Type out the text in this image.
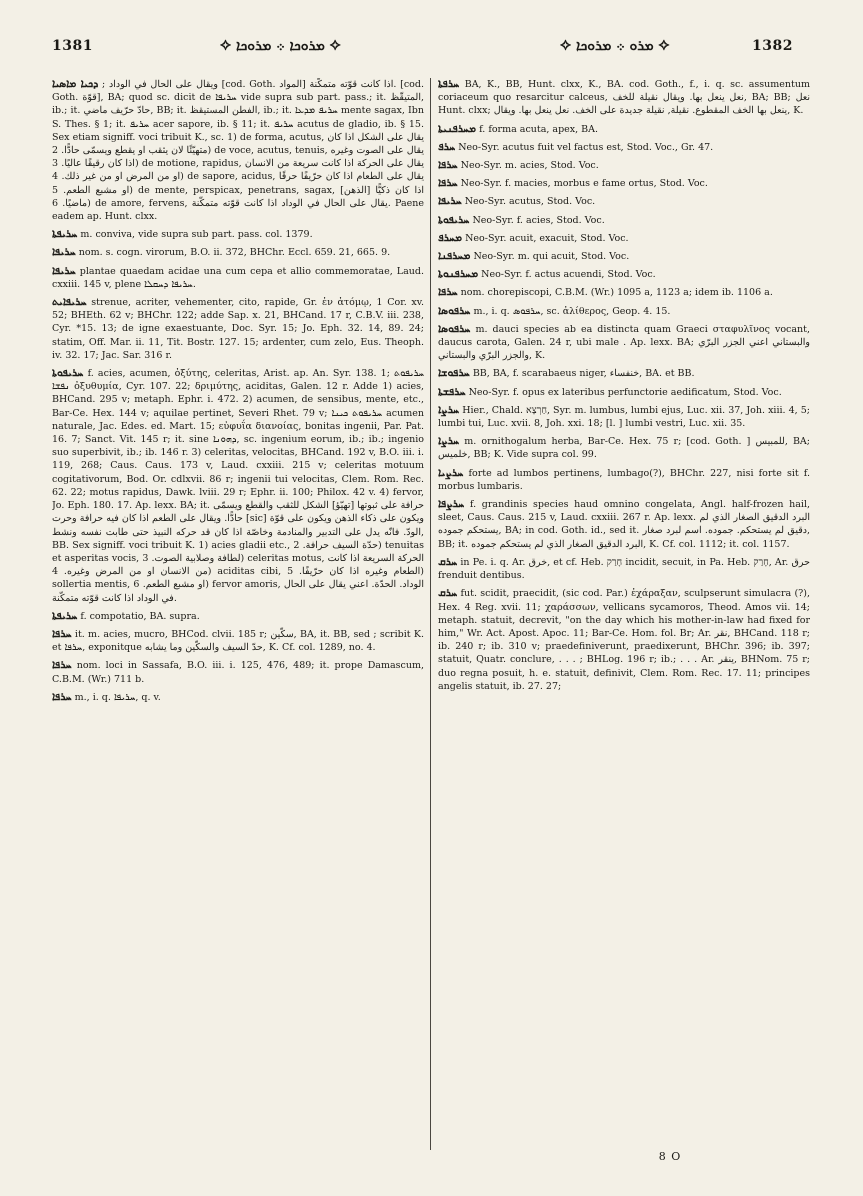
1381	✧ ܡܪܘܟܐ ܀ ܡܪܘܟܐ ✧	✧ ܡܪܘ ܀ ܡܪܘܟܐ ✧	1382

ܕܟܝܐ ܡܐܣܝܐ ; ويقال على الحال في الوداد [cod. Goth. المواد] اذا كانت قوّته متمكّنة. [cod. Goth. قوّة], BA; quod sc. dicit de ܚܪܝܦܐ vide supra sub part. pass.; it. المتيقّظ, ib.; it. حادّ حرّيف ماضي, BB; it. الفطن المستيقظ, ib.; it. ܚܪܝܦ ܡܕܥܐ mente sagax, Ibn S. Thes. § 1; it. ܚܪܝܦ acer sapore, ib. § 11; it. ܚܪܝܦ acutus de gladio, ib. § 15. Sex etiam signiff. voci tribuit K., sc. 1) de forma, acutus, يقال على الشكل اذا كان متهيّئًا لان يثقب او يقطع ويسمّى حادًّا. 2) de voce, acutus, tenuis, يقال على الصوت وغيره اذا كان رقيقًا عاليًا. 3) de motione, rapidus, يقال على الحركة اذا كانت سريعة من الانسان او من المرض او من غير ذلك. 4) de sapore, acidus, يقال على الطعام اذا كان حرّيفًا حرقًا او مشبع الطعم. 5) de mente, perspicax, penetrans, sagax, [الذهن] اذا كان ذكيًّا ماضيًا. 6) de amore, fervens, يقال على الحال في الوداد اذا كانت قوّته متمكّنة. Paene eadem ap. Hunt. clxx.

ܚܪܝܦܬܐ m. conviva, vide supra sub part. pass. col. 1379.

ܚܪܝܦܐ nom. s. cogn. virorum, B.O. ii. 372, BHChr. Eccl. 659. 21, 665. 9.

ܚܪܝܦܐ plantae quaedam acidae una cum cepa et allio commemoratae, Laud. cxxiii. 145 v, plene ܚܪܝܦܐ ܕܚܩܠܐ.

ܚܪܝܦܐܝܬ strenue, acriter, vehementer, cito, rapide, Gr. ἐν ἀτόμῳ, 1 Cor. xv. 52; BHEth. 62 v; BHChr. 122; adde Sap. x. 21, BHCand. 17 r, C.B.V. iii. 238, Cyr. *15. 13; de igne exaestuante, Doc. Syr. 15; Jo. Eph. 32. 14, 89. 24; statim, Off. Mar. ii. 11, Tit. Bostr. 127. 15; ardenter, cum zelo, Eus. Theoph. iv. 32. 17; Jac. Sar. 316 r.

ܚܪܝܦܘܬܐ f. acies, acumen, ὀξύτης, celeritas, Arist. ap. An. Syr. 138. 1; ܚܪܝܦܘܬ ܢܦܫܐ ὀξυθυμία, Cyr. 107. 22; δριμύτης, aciditas, Galen. 12 r. Adde 1) acies, BHCand. 295 v; metaph. Ephr. i. 472. 2) acumen, de sensibus, mente, etc., Bar-Ce. Hex. 144 v; aquilae pertinet, Severi Rhet. 79 v; ܚܪܝܦܘܬ ܟܝܢܐ acumen naturale, Jac. Edes. ed. Mart. 15; εὐφυΐα διανοίας, bonitas ingenii, Par. Pat. 16. 7; Sanct. Vit. 145 r; it. sine ܕܗܘܢܐ, sc. ingenium eorum, ib.; ib.; ingenio suo superbivit, ib.; ib. 146 r. 3) celeritas, velocitas, BHCand. 192 v, B.O. iii. i. 119, 268; Caus. Caus. 173 v, Laud. cxxiii. 215 v; celeritas motuum cogitativorum, Bod. Or. cdlxvii. 86 r; ingenii tui velocitas, Clem. Rom. Rec. 62. 22; motus rapidus, Dawk. lviii. 29 r; Ephr. ii. 100; Philox. 42 v. 4) fervor, Jo. Eph. 180. 17. Ap. lexx. BA; it. حرافة على ثبوتها [تهيّؤ] الشكل للثقب والقطع ويسمّى حادًّا. ويقال على الطعم اذا كان فيه حرافة وحرت [sic] ويكون على ذكاء الذهن ويكون على قوّة الودّ. فانّه يدل على التدبير والمنادمة وخاصّة اذا كان قد حركه النبيذ حتى طابت نفسه ونشط, BB. Sex signiff. voci tribuit K. 1) acies gladii etc., حدّة السيف حرافة. 2) tenuitas et asperitas vocis, لطافة وصلابية الصوت. 3) celeritas motus, الحركة السريعة اذا كانت من الانسان او من المرض وغيره. 4) aciditas cibi, الطعام وغيره اذا كان حرّيفًا. 5) sollertia mentis, او مشبع الطعم. 6) fervor amoris, الوداد. الحدّة. اعني يقال على الحال في الوداد اذا كانت قوّته متمكّنة.

ܚܪܝܦܬܐ f. compotatio, BA. supra.

ܚܪܦܐ it. m. acies, mucro, BHCod. clvii. 185 r; سكّين, BA, it. BB, sed ; scribit K. et ܚܪܦܐ, exponitque حدّ السيف والسكّين وما يشابه, K. Cf. col. 1289, no. 4.

ܚܪܦܐ nom. loci in Sassafa, B.O. iii. i. 125, 476, 489; it. prope Damascum, C.B.M. (Wr.) 711 b.

ܚܪܦܐ m., i. q. ܚܪܝܦܐ, q. v.

ܚܪܦܬܐ BA, K., BB, Hunt. clxx, K., BA. cod. Goth., f., i. q. sc. assumentum coriaceum quo resarcitur calceus, نعل ينعل بها. ويقال نقيلة للخف, BA; BB; نعل Hunt. clxx; ينعل بها الخف المقطوع. نقيلة, نقيلة جديدة على الخف. نعل ينعل بها. ويقال, K.

ܡܚܪܦܢܝܬܐ f. forma acuta, apex, BA.

ܚܪܦ Neo-Syr. acutus fuit vel factus est, Stod. Voc., Gr. 47.

ܚܪܦܐ Neo-Syr. m. acies, Stod. Voc.

ܚܪܦܐ Neo-Syr. f. macies, morbus e fame ortus, Stod. Voc.

ܚܪܝܦܐ Neo-Syr. acutus, Stod. Voc.

ܚܪܝܦܘܬܐ Neo-Syr. f. acies, Stod. Voc.

ܡܚܪܦ Neo-Syr. acuit, exacuit, Stod. Voc.

ܡܚܪܦܢܐ Neo-Syr. m. qui acuit, Stod. Voc.

ܡܚܪܦܢܘܬܐ Neo-Syr. f. actus acuendi, Stod. Voc.

ܚܪܦܐ nom. chorepiscopi, C.B.M. (Wr.) 1095 a, 1123 a; idem ib. 1106 a.

ܚܪܦܘܣܐ m., i. q. ܚܪܦܘܣ, sc. ἀλίθερος, Geop. 4. 15.

ܚܪܦܘܣܐ m. dauci species ab ea distincta quam Graeci σταφυλῖνος vocant, daucus carota, Galen. 24 r, ubi male . Ap. lexx. BA; والبستاني اعني الجزر البرّي والجزر البرّي والبستاني, K.

ܚܪܦܘܫܐ BB, BA, f. scarabaeus niger, خنفساء, BA. et BB.

ܚܪܦܫܬܐ Neo-Syr. f. opus ex lateribus perfunctorie aedificatum, Stod. Voc.

ܚܪܨܐ Hier., Chald. חַרְצָא, Syr. m. lumbus, lumbi ejus, Luc. xii. 37, Joh. xiii. 4, 5; lumbi tui, Luc. xvii. 8, Joh. xxi. 18; [l. ] lumbi vestri, Luc. xii. 35.

ܚܪܨܐ m. ornithogalum herba, Bar-Ce. Hex. 75 r; [cod. Goth. ] للمبيس, BA; خلميس, BB; K. Vide supra col. 99.

ܚܪܨܝܐ forte ad lumbos pertinens, lumbago(?), BHChr. 227, nisi forte sit f. morbus lumbaris.

ܚܪܨܦܐ f. grandinis species haud omnino congelata, Angl. half-frozen hail, sleet, Caus. Caus. 215 v, Laud. cxxiii. 267 r. Ap. lexx. البرد الدقيق الصغار الذي لم يستحكم جموده, BA; in cod. Goth. id., sed it. دقيق لم يستحكم. جموده. اسم لبرد صغار, BB; it. البرد الدقيق الصغار الذي لم يستحكم جموده, K. Cf. col. 1112; it. col. 1157.

ܚܪܩ in Pe. i. q. Ar. خرق, et cf. Heb. חָרַק incidit, secuit, in Pa. Heb. חָרַק, Ar. حرق frenduit dentibus.

ܚܪܩ fut. scidit, praecidit, (sic cod. Par.) ἐχάραξαν, sculpserunt simulacra (?), Hex. 4 Reg. xvii. 11; χαράσσων, vellicans sycamoros, Theod. Amos vii. 14; metaph. statuit, decrevit, "on the day which his mother-in-law had fixed for him," Wr. Act. Apost. Apoc. 11; Bar-Ce. Hom. fol. Br; Ar. نقر, BHCand. 118 r; ib. 240 r; ib. 310 v; praedefiniverunt, praedixerunt, BHChr. 396; ib. 397; statuit, Quatr. conclure, . . . ; BHLog. 196 r; ib.; . . . Ar. ينقر, BHNom. 75 r; duo regna posuit, h. e. statuit, definivit, Clem. Rom. Rec. 17. 11; principes angelis statuit, ib. 27. 27;

8 O
